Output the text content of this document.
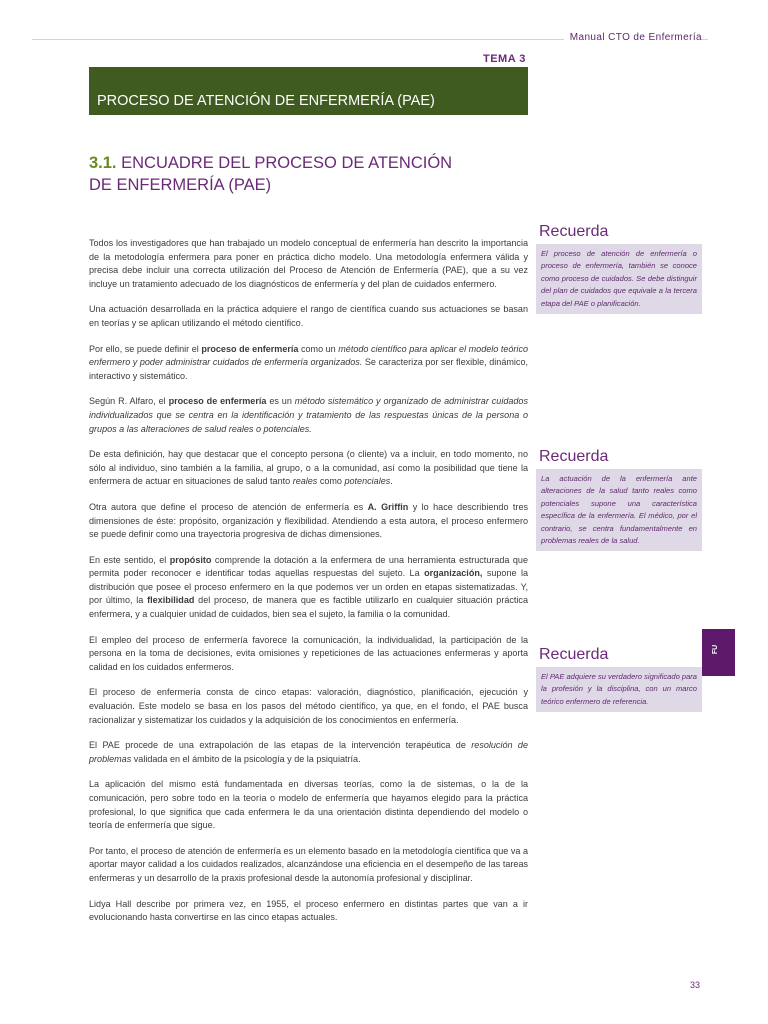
Manual CTO de Enfermería
TEMA 3
PROCESO DE ATENCIÓN DE ENFERMERÍA (PAE)
3.1. ENCUADRE DEL PROCESO DE ATENCIÓN
DE ENFERMERÍA (PAE)

Todos los investigadores que han trabajado un modelo conceptual de enfermería han descrito la importancia de la metodología enfermera para poner en práctica dicho modelo. Una metodología enfermera válida y precisa debe incluir una correcta utilización del Proceso de Atención de Enfermería (PAE), que a su vez incluye un tratamiento adecuado de los diagnósticos de enfermería y del plan de cuidados enfermero.

Una actuación desarrollada en la práctica adquiere el rango de científica cuando sus actuaciones se basan en teorías y se aplican utilizando el método científico.

Por ello, se puede definir el proceso de enfermería como un método científico para aplicar el modelo teórico enfermero y poder administrar cuidados de enfermería organizados. Se caracteriza por ser flexible, dinámico, interactivo y sistemático.

Según R. Alfaro, el proceso de enfermería es un método sistemático y organizado de administrar cuidados individualizados que se centra en la identificación y tratamiento de las respuestas únicas de la persona o grupos a las alteraciones de salud reales o potenciales.

De esta definición, hay que destacar que el concepto persona (o cliente) va a incluir, en todo momento, no sólo al individuo, sino también a la familia, al grupo, o a la comunidad, así como la posibilidad que tiene la enfermera de actuar en situaciones de salud tanto reales como potenciales.

Otra autora que define el proceso de atención de enfermería es A. Griffin y lo hace describiendo tres dimensiones de éste: propósito, organización y flexibilidad. Atendiendo a esta autora, el proceso enfermero se puede definir como una trayectoria progresiva de dichas dimensiones.

En este sentido, el propósito comprende la dotación a la enfermera de una herramienta estructurada que permita poder reconocer e identificar todas aquellas respuestas del sujeto. La organización, supone la distribución que posee el proceso enfermero en la que podemos ver un orden en etapas sistematizadas. Y, por último, la flexibilidad del proceso, de manera que es factible utilizarlo en cualquier situación práctica enfermera, y a cualquier unidad de cuidados, bien sea el sujeto, la familia o la comunidad.

El empleo del proceso de enfermería favorece la comunicación, la individualidad, la participación de la persona en la toma de decisiones, evita omisiones y repeticiones de las actuaciones enfermeras y aporta calidad en los cuidados enfermeros.

El proceso de enfermería consta de cinco etapas: valoración, diagnóstico, planificación, ejecución y evaluación. Este modelo se basa en los pasos del método científico, ya que, en el fondo, el PAE busca racionalizar y sistematizar los cuidados y la adquisición de los conocimientos en enfermería.

El PAE procede de una extrapolación de las etapas de la intervención terapéutica de resolución de problemas validada en el ámbito de la psicología y de la psiquiatría.

La aplicación del mismo está fundamentada en diversas teorías, como la de sistemas, o la de la comunicación, pero sobre todo en la teoría o modelo de enfermería que hayamos elegido para la práctica profesional, lo que significa que cada enfermera le da una orientación distinta dependiendo del modelo o teoría de enfermería que sigue.

Por tanto, el proceso de atención de enfermería es un elemento basado en la metodología científica que va a aportar mayor calidad a los cuidados realizados, alcanzándose una eficiencia en el desempeño de las tareas enfermeras y un desarrollo de la praxis profesional desde la autonomía profesional y disciplinar.

Lidya Hall describe por primera vez, en 1955, el proceso enfermero en distintas partes que van a ir evolucionando hasta convertirse en las cinco etapas actuales.

Recuerda
El proceso de atención de enfermería o proceso de enfermería, también se conoce como proceso de cuidados. Se debe distinguir del plan de cuidados que equivale a la tercera etapa del PAE o planificación.
Recuerda
La actuación de la enfermería ante alteraciones de la salud tanto reales como potenciales supone una característica específica de la enfermería. El médico, por el contrario, se centra fundamentalmente en problemas reales de la salud.
Recuerda
El PAE adquiere su verdadero significado para la profesión y la disciplina, con un marco teórico enfermero de referencia.
FU
33
